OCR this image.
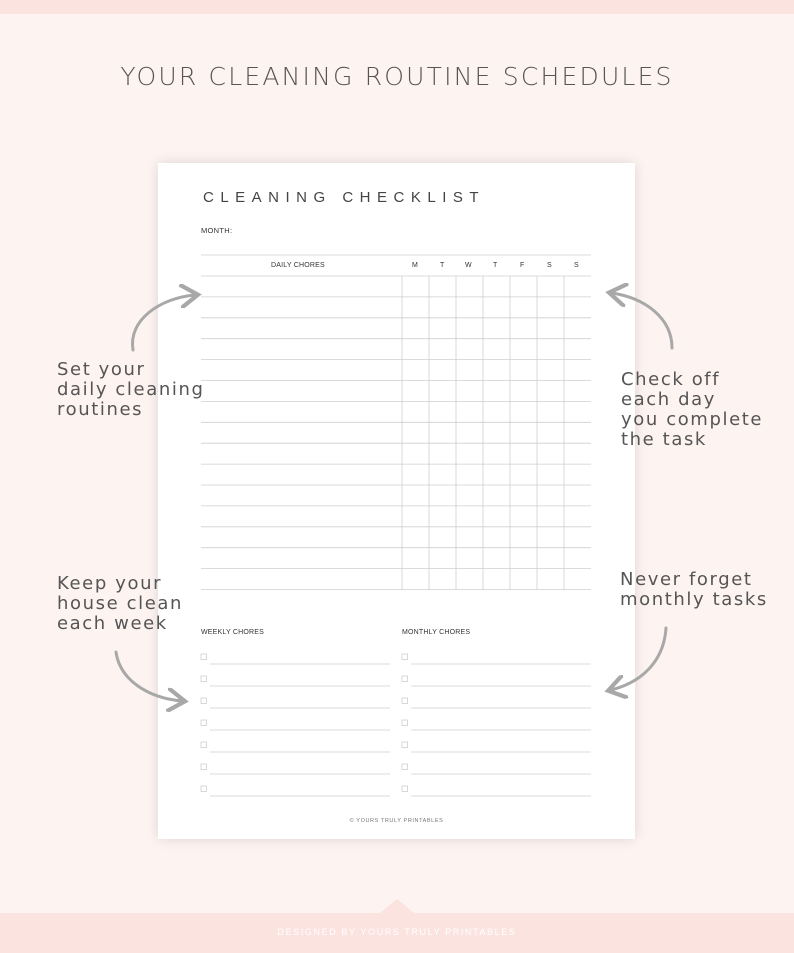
YOUR CLEANING ROUTINE SCHEDULES
CLEANING CHECKLIST
MONTH:
DAILY CHORES	M	T	W	T	F	S	S
WEEKLY CHORES	MONTHLY CHORES
© YOURS TRULY PRINTABLES
Set your
daily cleaning
routines
Check off
each day
you complete
the task
Keep your
house clean
each week
Never forget
monthly tasks
DESIGNED BY YOURS TRULY PRINTABLES
